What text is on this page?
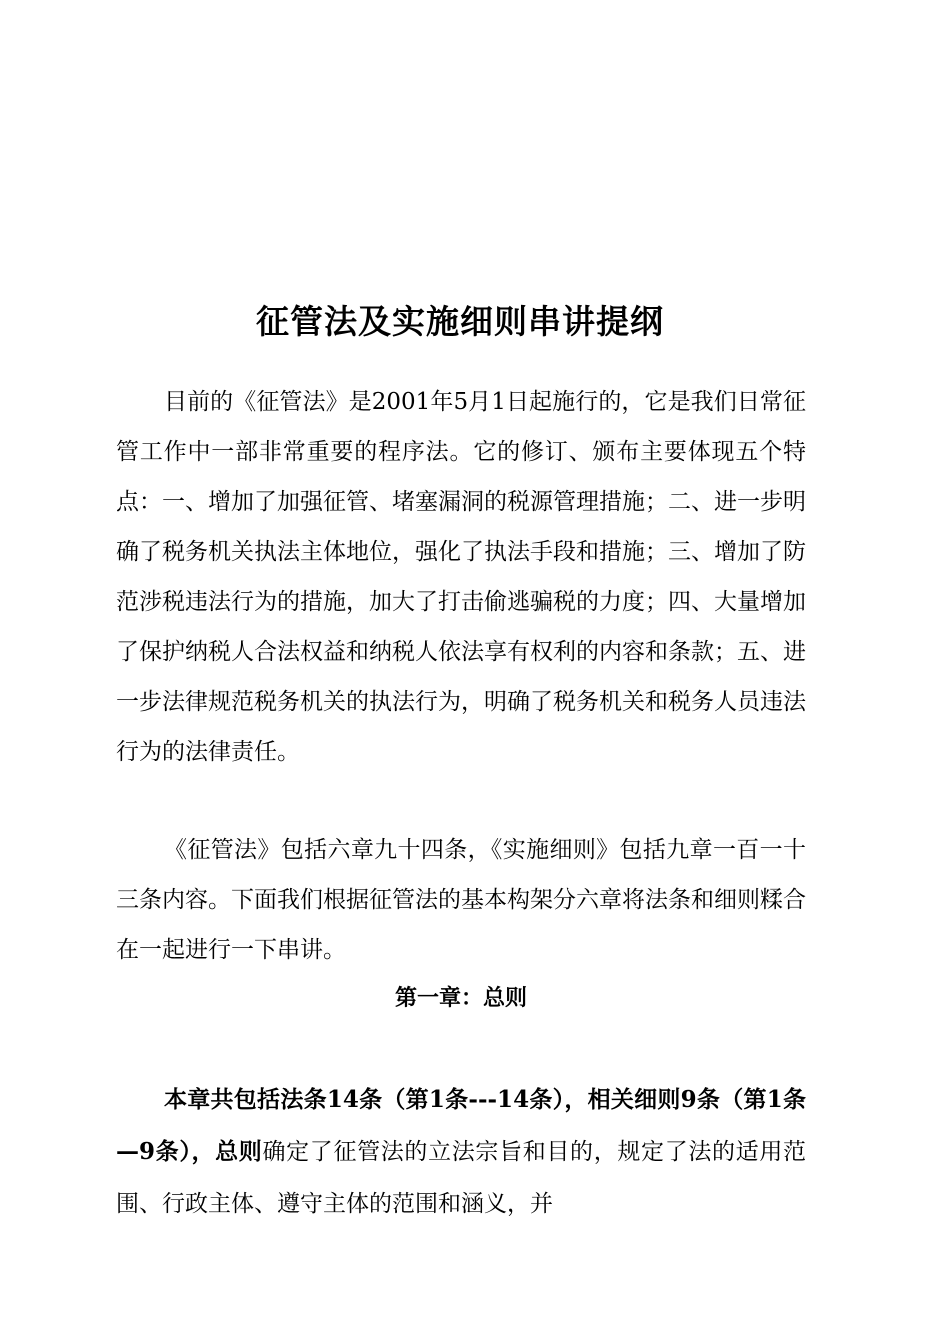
征管法及实施细则串讲提纲

目前的《征管法》是2001年5月1日起施行的，它是我们日常征管工作中一部非常重要的程序法。它的修订、颁布主要体现五个特点：一、增加了加强征管、堵塞漏洞的税源管理措施；二、进一步明确了税务机关执法主体地位，强化了执法手段和措施；三、增加了防范涉税违法行为的措施，加大了打击偷逃骗税的力度；四、大量增加了保护纳税人合法权益和纳税人依法享有权利的内容和条款；五、进一步法律规范税务机关的执法行为，明确了税务机关和税务人员违法行为的法律责任。

《征管法》包括六章九十四条，《实施细则》包括九章一百一十三条内容。下面我们根据征管法的基本构架分六章将法条和细则糅合在一起进行一下串讲。

第一章：总则

本章共包括法条14条（第1条---14条），相关细则9条（第1条—9条），总则确定了征管法的立法宗旨和目的，规定了法的适用范围、行政主体、遵守主体的范围和涵义，并
